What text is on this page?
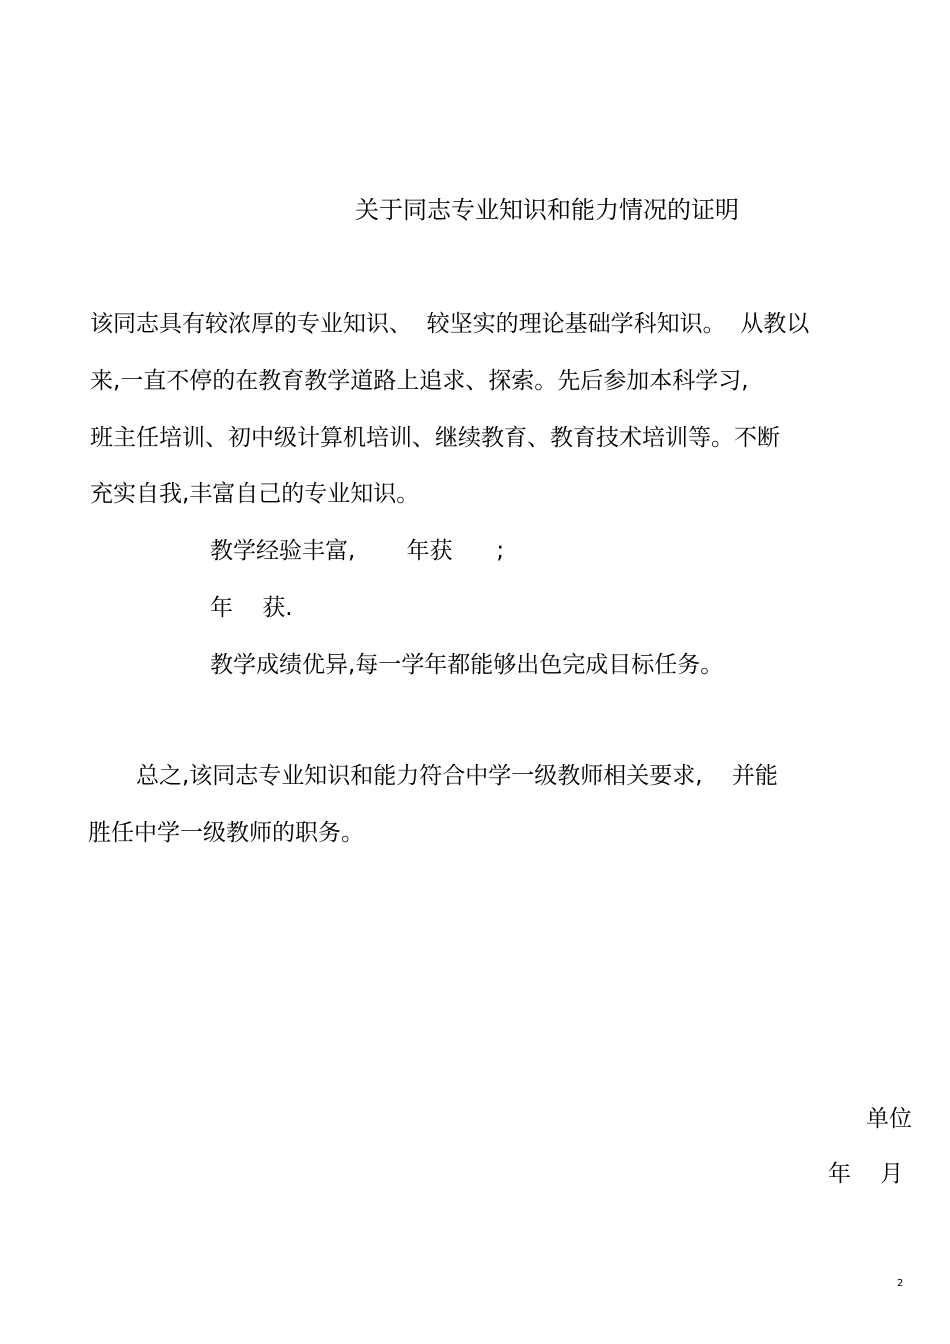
关于同志专业知识和能力情况的证明
该同志具有较浓厚的专业知识、  较坚实的理论基础学科知识。  从教以
来,一直不停的在教育教学道路上追求、探索。先后参加本科学习,
班主任培训、初中级计算机培训、继续教育、教育技术培训等。不断
充实自我,丰富自己的专业知识。
教学经验丰富,       年获      ;
年    获.
教学成绩优异,每一学年都能够出色完成目标任务。
总之,该同志专业知识和能力符合中学一级教师相关要求,    并能
胜任中学一级教师的职务。
单位
年    月
2
